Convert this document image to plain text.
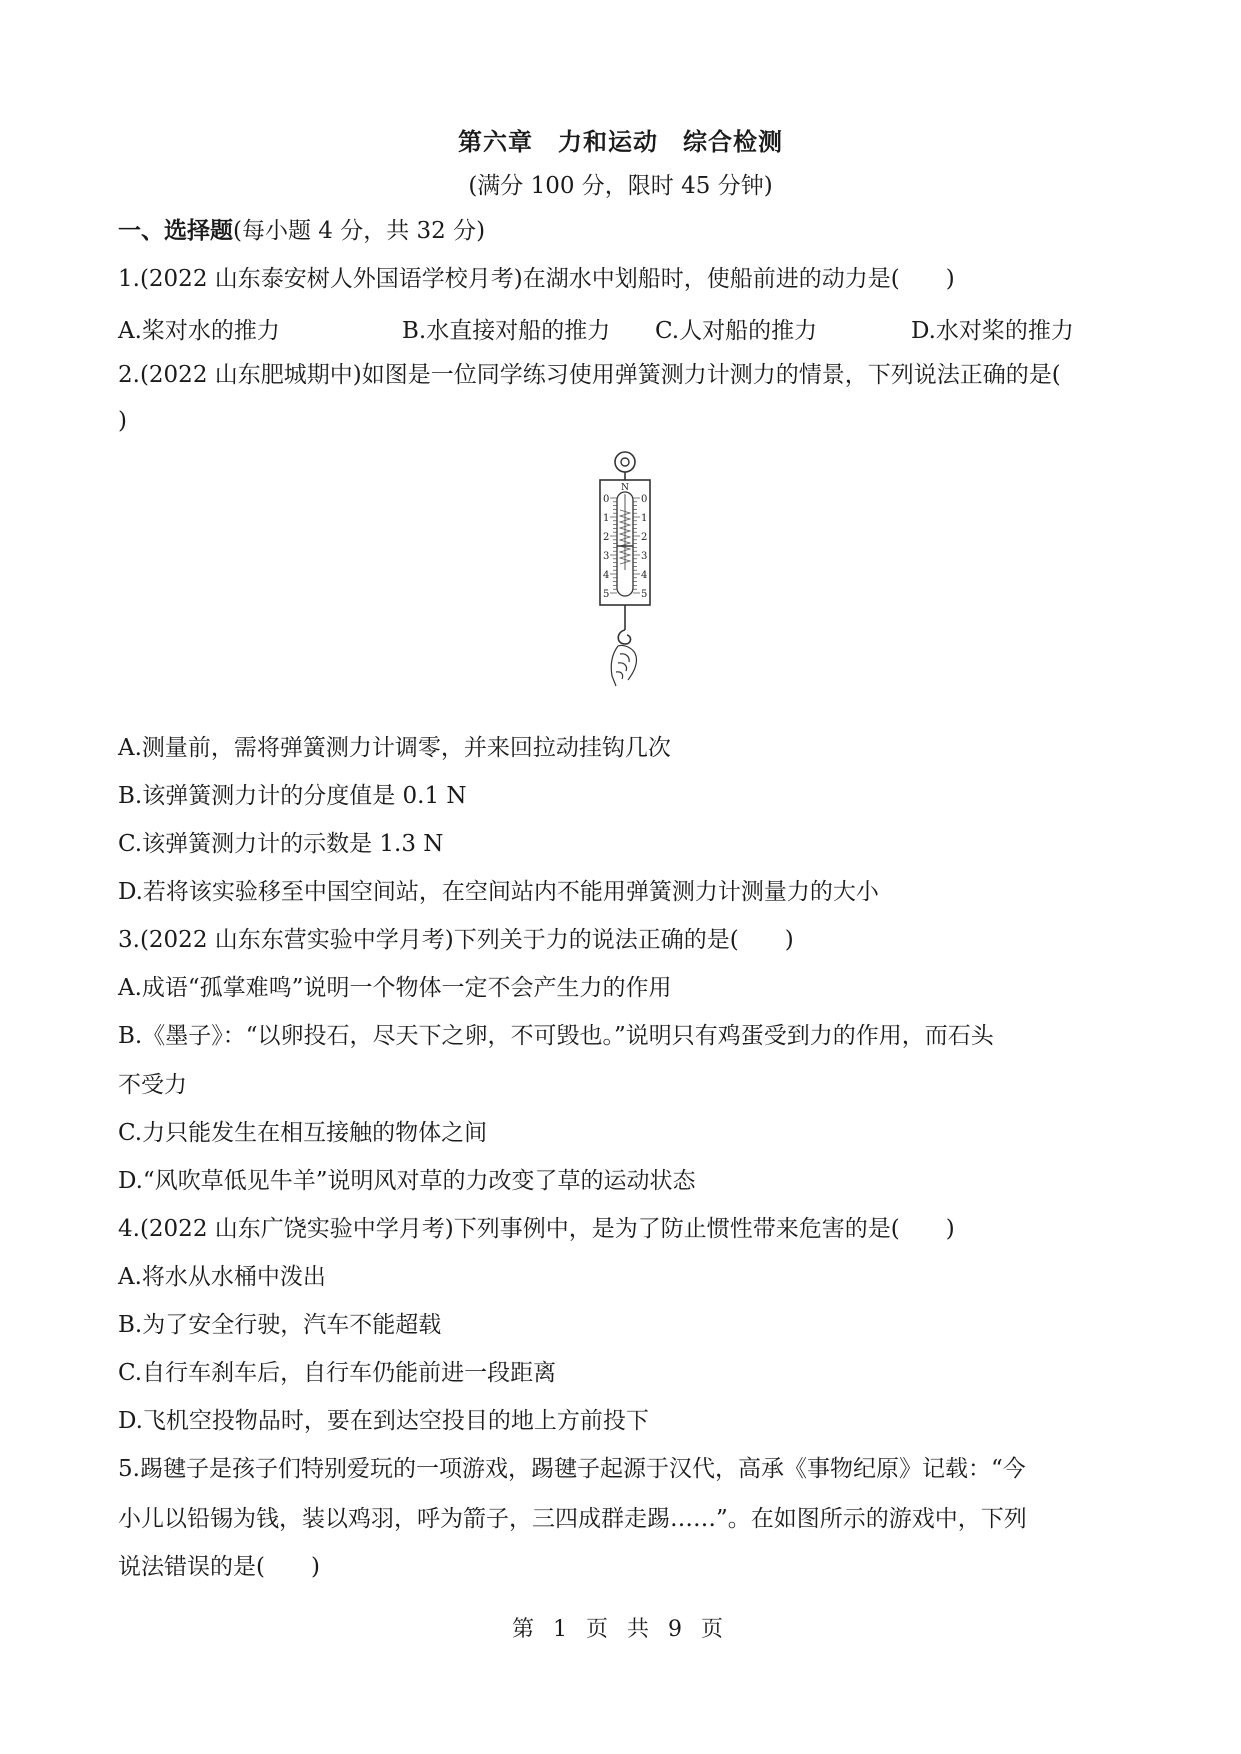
第六章　力和运动　综合检测
(满分 100 分，限时 45 分钟)
一、选择题(每小题 4 分，共 32 分)
1.(2022 山东泰安树人外国语学校月考)在湖水中划船时，使船前进的动力是(　　)
A.桨对水的推力	B.水直接对船的推力 C.人对船的推力	D.水对桨的推力
2.(2022 山东肥城期中)如图是一位同学练习使用弹簧测力计测力的情景，下列说法正确的是(
)
N
0
1
2
3
4
5
0
1
2
3
4
5
A.测量前，需将弹簧测力计调零，并来回拉动挂钩几次
B.该弹簧测力计的分度值是 0.1 N
C.该弹簧测力计的示数是 1.3 N
D.若将该实验移至中国空间站，在空间站内不能用弹簧测力计测量力的大小
3.(2022 山东东营实验中学月考)下列关于力的说法正确的是(　　)
A.成语“孤掌难鸣”说明一个物体一定不会产生力的作用
B.《墨子》：“以卵投石，尽天下之卵，不可毁也。”说明只有鸡蛋受到力的作用，而石头
不受力
C.力只能发生在相互接触的物体之间
D.“风吹草低见牛羊”说明风对草的力改变了草的运动状态
4.(2022 山东广饶实验中学月考)下列事例中，是为了防止惯性带来危害的是(　　)
A.将水从水桶中泼出
B.为了安全行驶，汽车不能超载
C.自行车刹车后，自行车仍能前进一段距离
D.飞机空投物品时，要在到达空投目的地上方前投下
5.踢毽子是孩子们特别爱玩的一项游戏，踢毽子起源于汉代，高承《事物纪原》记载：“今
小儿以铅锡为钱，装以鸡羽，呼为箭子，三四成群走踢……”。在如图所示的游戏中，下列
说法错误的是(　　)
第 1 页 共 9 页
